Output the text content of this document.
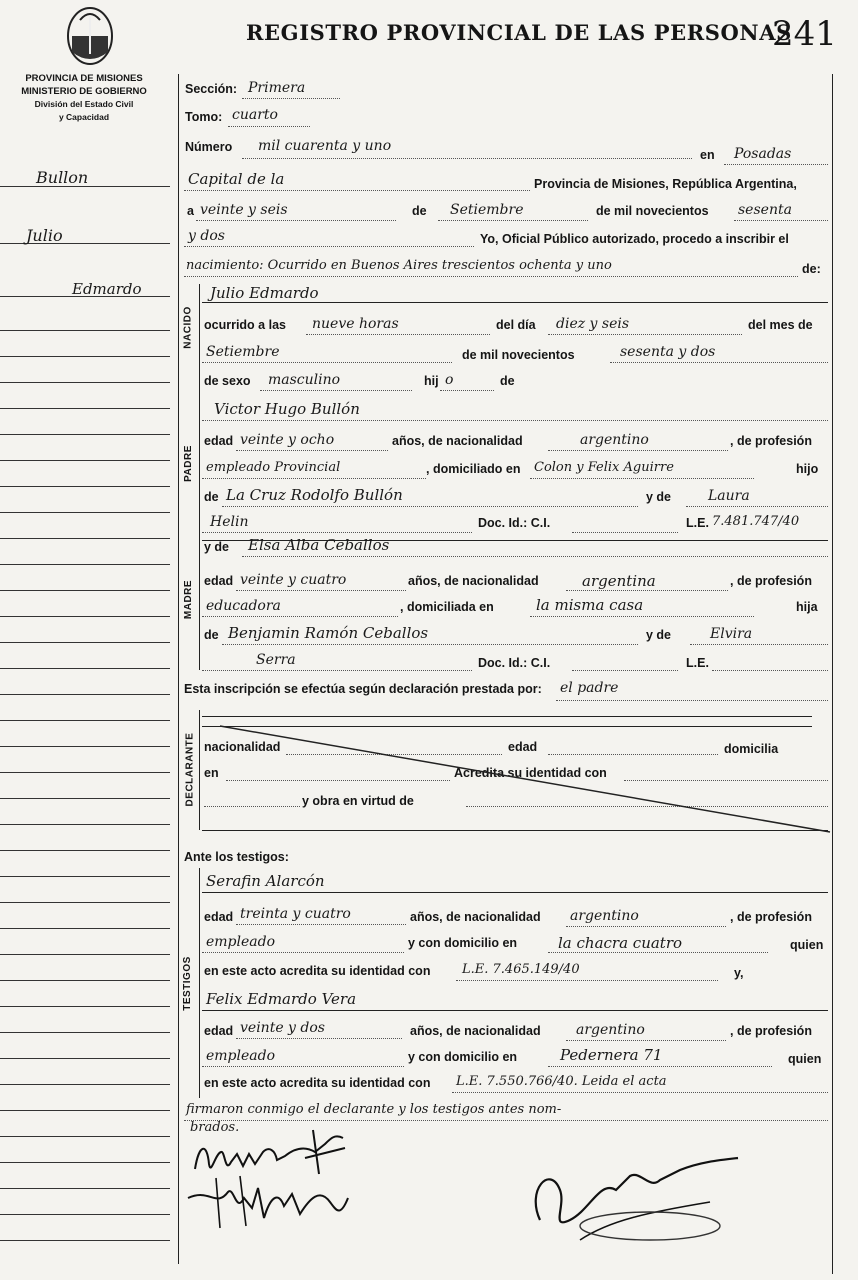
REGISTRO PROVINCIAL DE LAS PERSONAS
241
PROVINCIA DE MISIONES
MINISTERIO DE GOBIERNO
División del Estado Civil
y Capacidad
Bullon
Julio
Edmardo
NACIDO
PADRE
MADRE
DECLARANTE
TESTIGOS
Sección: Primera
Tomo: cuarto
Número mil cuarenta y uno
en Posadas
Capital de la	Provincia de Misiones, República Argentina,
a veinte y seis	de Setiembre	de mil novecientos sesenta
y dos	Yo, Oficial Público autorizado, procedo a inscribir el
nacimiento: Ocurrido en Buenos Aires trescientos ochenta y uno	de:
Julio Edmardo
ocurrido a las nueve horas	del día diez y seis	del mes de
Setiembre	de mil novecientos	sesenta y dos
de sexo masculino	hij o	de
Victor Hugo Bullón
edad veinte y ocho	años, de nacionalidad	argentino	, de profesión
empleado Provincial	, domiciliado en Colon y Felix Aguirre	hijo
de La Cruz Rodolfo Bullón	y de	Laura
Helin	Doc. Id.: C.I.	L.E. 7.481.747/40
y de Elsa Alba Ceballos
edad veinte y cuatro	años, de nacionalidad	argentina	, de profesión
educadora	, domiciliada en	la misma casa	hija
de Benjamin Ramón Ceballos	y de	Elvira
Serra	Doc. Id.: C.I.	L.E.
Esta inscripción se efectúa según declaración prestada por: el padre
nacionalidad	edad	domicilia
en	Acredita su identidad con
y obra en virtud de
Ante los testigos:
Serafin Alarcón
edad treinta y cuatro	años, de nacionalidad argentino	, de profesión
empleado	y con domicilio en	la chacra cuatro	quien
en este acto acredita su identidad con L.E. 7.465.149/40	y,
Felix Edmardo Vera
edad veinte y dos	años, de nacionalidad	argentino	, de profesión
empleado	y con domicilio en	Pedernera 71	quien
en este acto acredita su identidad con L.E. 7.550.766/40. Leida el acta
firmaron conmigo el declarante y los testigos antes nom-
brados.
